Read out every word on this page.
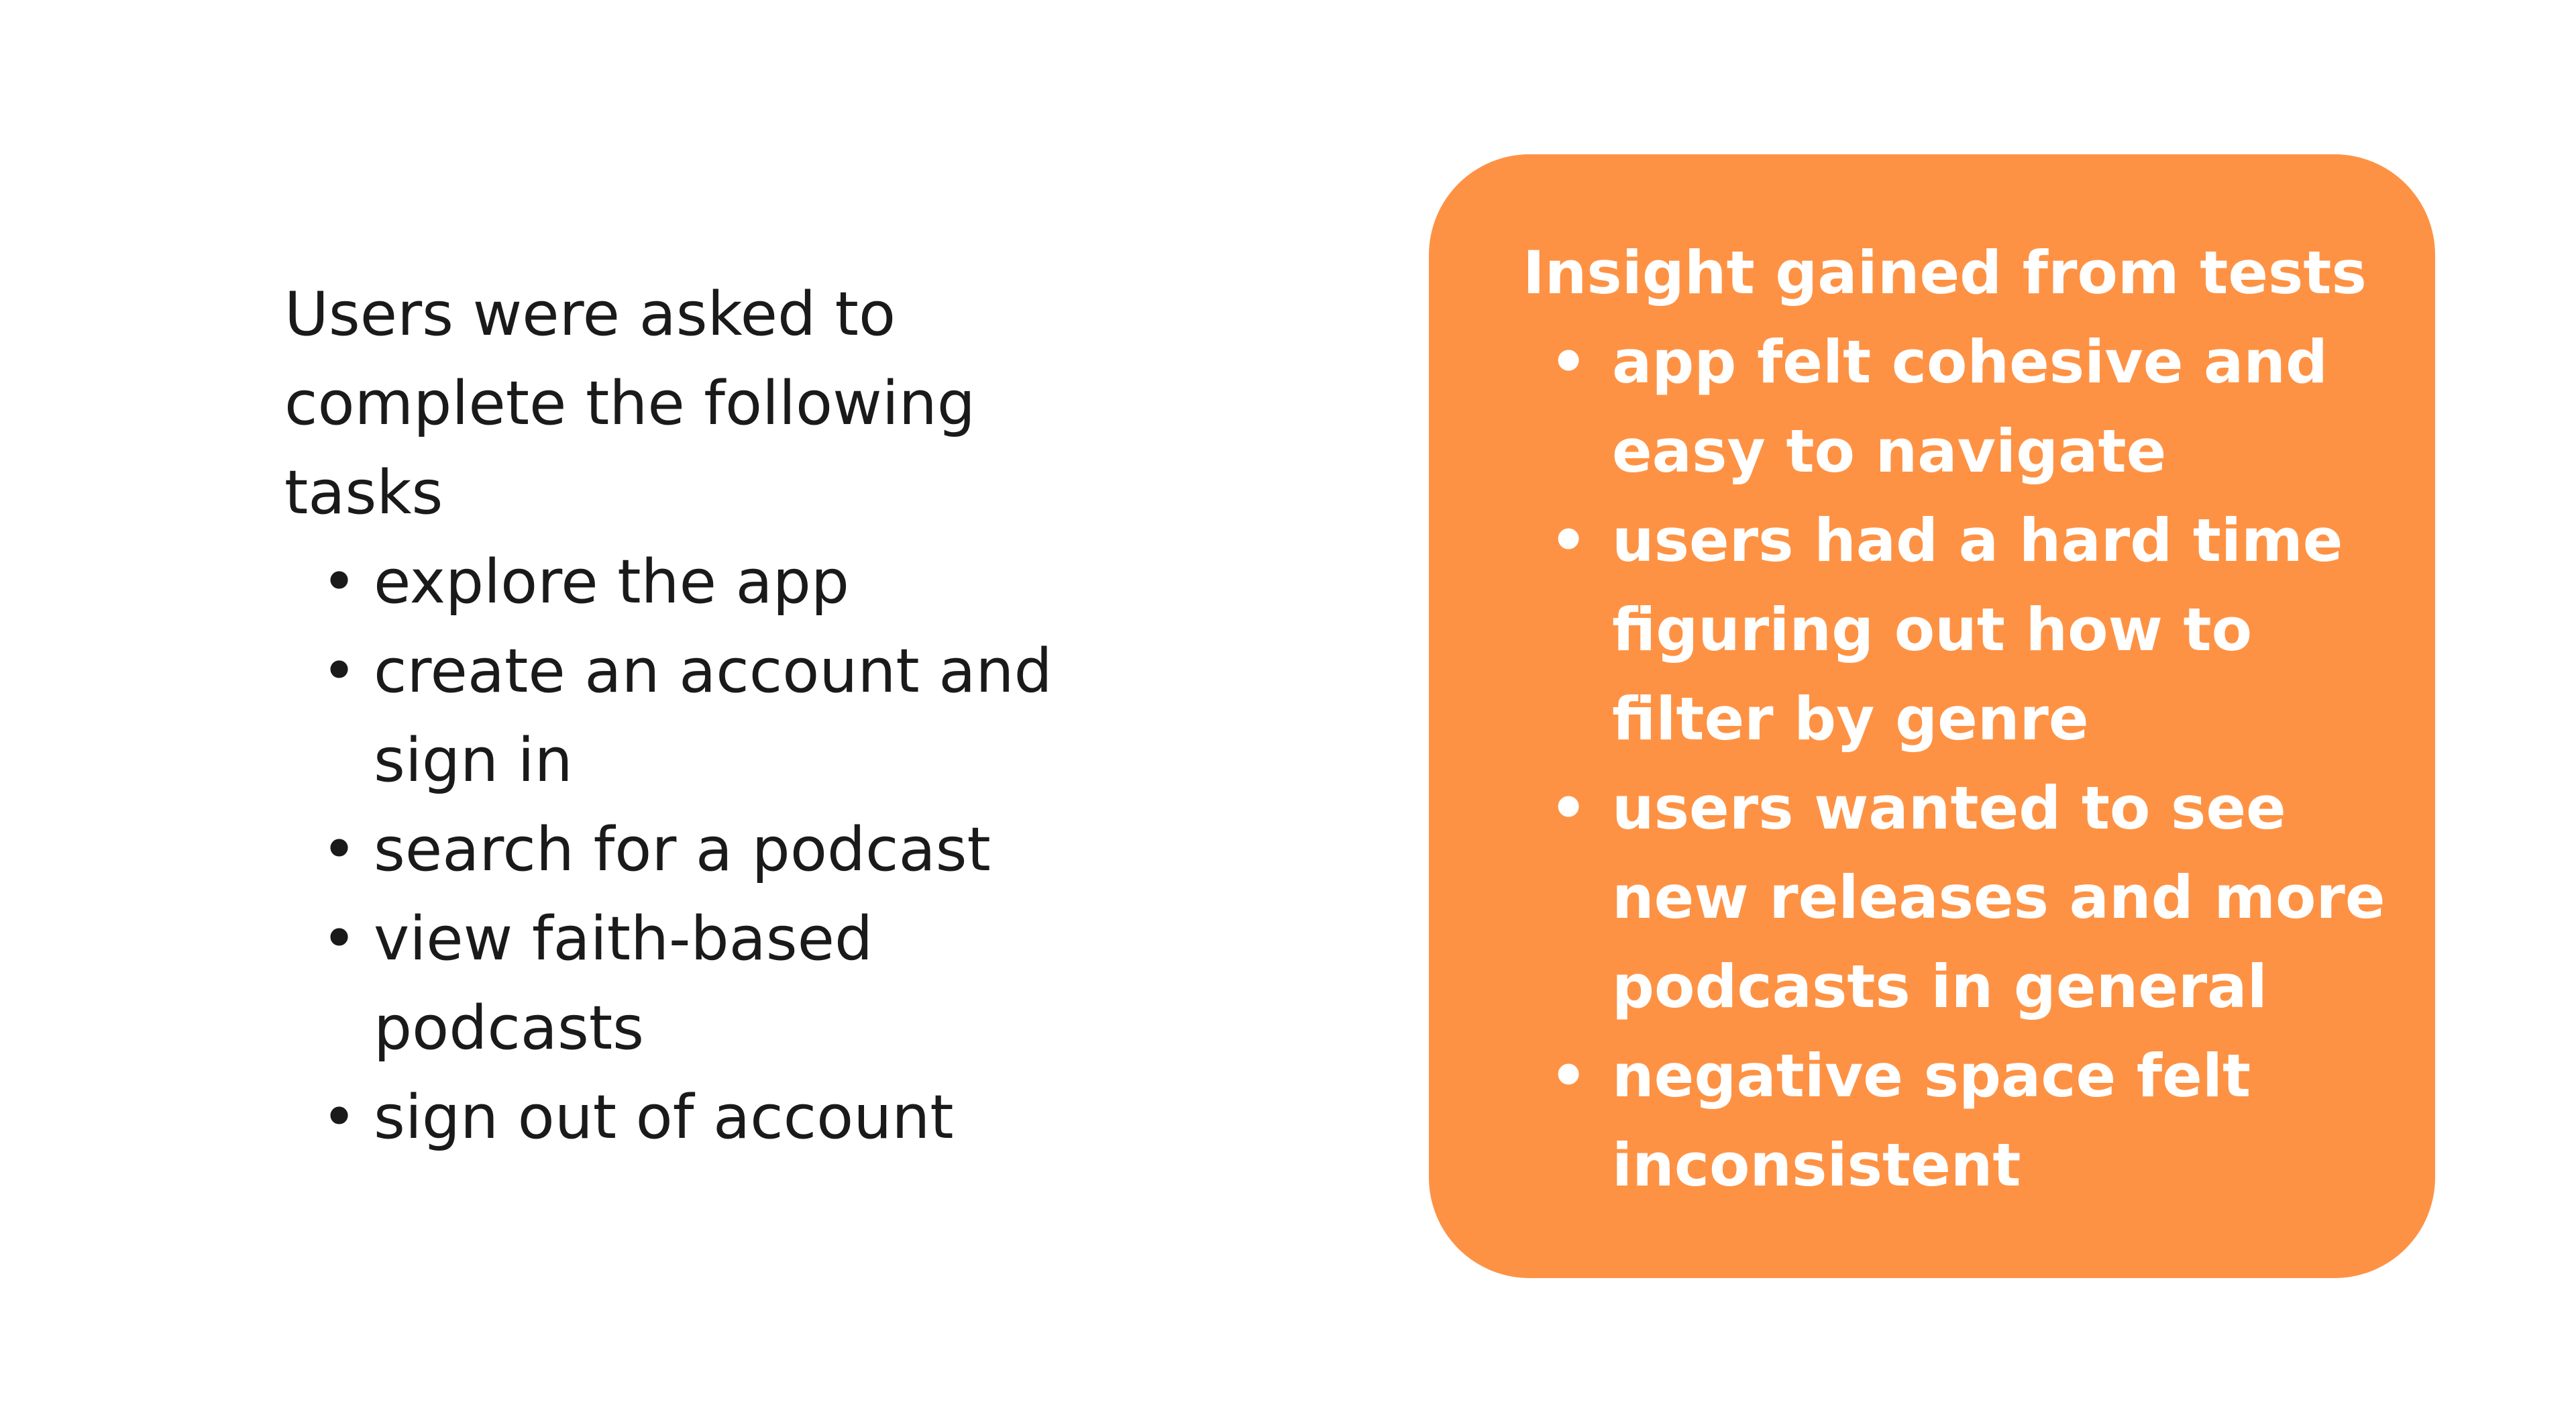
Users were asked to
complete the following
tasks

• explore the app
• create an account and sign in
• search for a podcast
• view faith-based podcasts
• sign out of account
Insight gained from tests
• app felt cohesive and easy to navigate
• users had a hard time figuring out how to filter by genre
• users wanted to see new releases and more podcasts in general
• negative space felt inconsistent
